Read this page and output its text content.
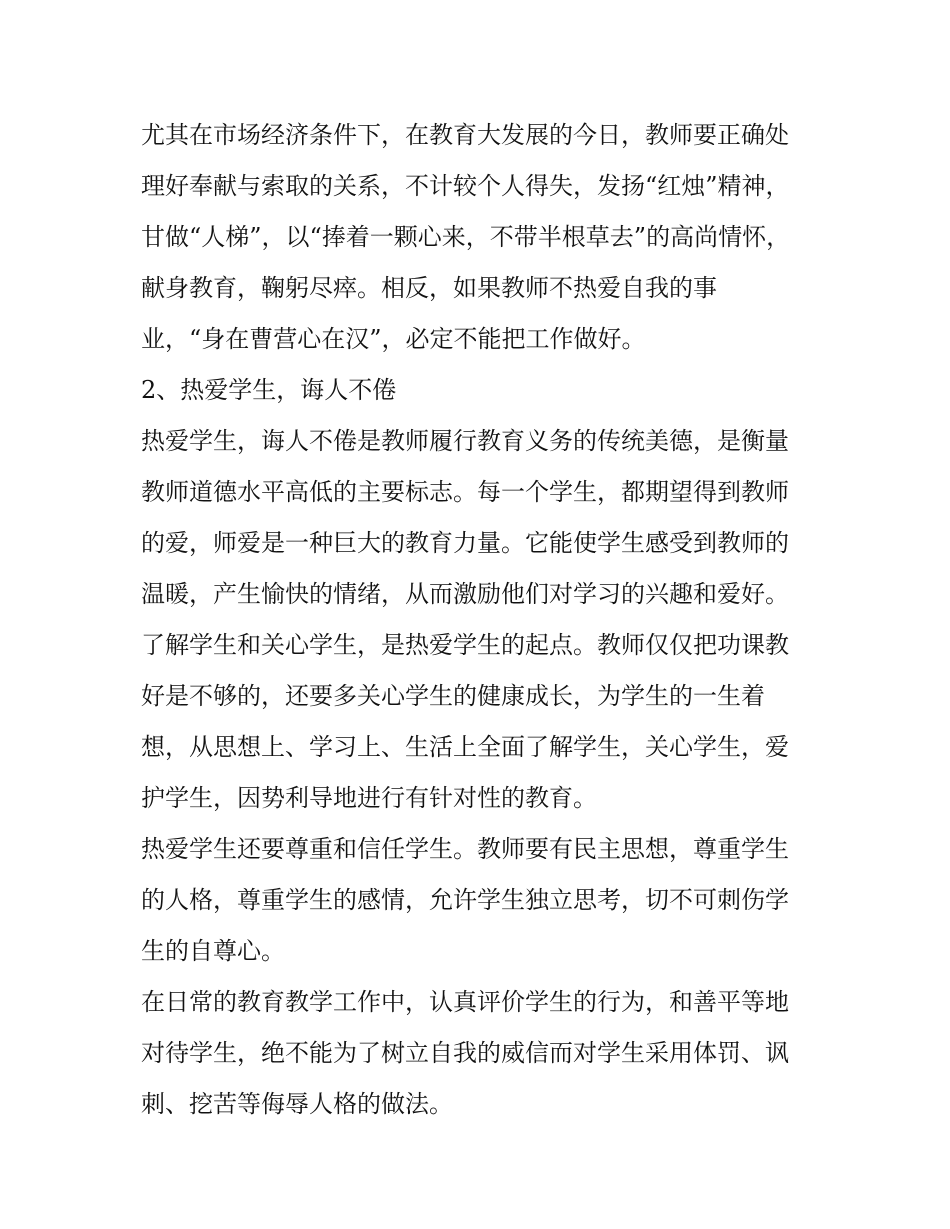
尤其在市场经济条件下，在教育大发展的今日，教师要正确处
理好奉献与索取的关系，不计较个人得失，发扬“红烛”精神，
甘做“人梯”，以“捧着一颗心来，不带半根草去”的高尚情怀，
献身教育，鞠躬尽瘁。相反，如果教师不热爱自我的事
业，“身在曹营心在汉”，必定不能把工作做好。
2、热爱学生，诲人不倦
热爱学生，诲人不倦是教师履行教育义务的传统美德，是衡量
教师道德水平高低的主要标志。每一个学生，都期望得到教师
的爱，师爱是一种巨大的教育力量。它能使学生感受到教师的
温暖，产生愉快的情绪，从而激励他们对学习的兴趣和爱好。
了解学生和关心学生，是热爱学生的起点。教师仅仅把功课教
好是不够的，还要多关心学生的健康成长，为学生的一生着
想，从思想上、学习上、生活上全面了解学生，关心学生，爱
护学生，因势利导地进行有针对性的教育。
热爱学生还要尊重和信任学生。教师要有民主思想，尊重学生
的人格，尊重学生的感情，允许学生独立思考，切不可刺伤学
生的自尊心。
在日常的教育教学工作中，认真评价学生的行为，和善平等地
对待学生，绝不能为了树立自我的威信而对学生采用体罚、讽
刺、挖苦等侮辱人格的做法。
